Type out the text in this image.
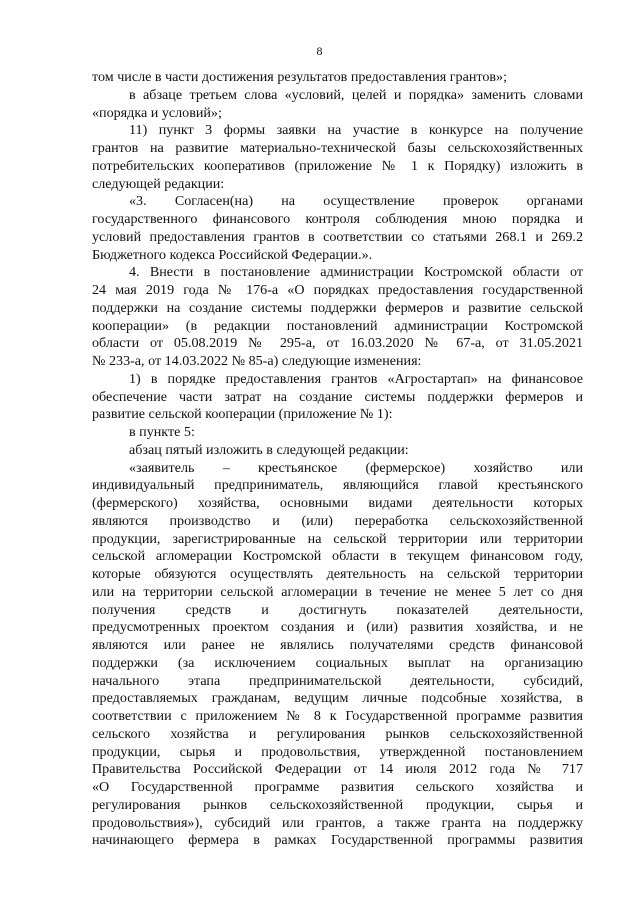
8
том числе в части достижения результатов предоставления грантов»;
в абзаце третьем слова «условий, целей и порядка» заменить словами
«порядка и условий»;
11) пункт 3 формы заявки на участие в конкурсе на получение
грантов на развитие материально-технической базы сельскохозяйственных
потребительских кооперативов (приложение № 1 к Порядку) изложить в
следующей редакции:
«3. Согласен(на) на осуществление проверок органами
государственного финансового контроля соблюдения мною порядка и
условий предоставления грантов в соответствии со статьями 268.1 и 269.2
Бюджетного кодекса Российской Федерации.».
4. Внести в постановление администрации Костромской области от
24 мая 2019 года № 176-а «О порядках предоставления государственной
поддержки на создание системы поддержки фермеров и развитие сельской
кооперации» (в редакции постановлений администрации Костромской
области от 05.08.2019 № 295-а, от 16.03.2020 № 67-а, от 31.05.2021
№ 233-а, от 14.03.2022 № 85-а) следующие изменения:
1) в порядке предоставления грантов «Агростартап» на финансовое
обеспечение части затрат на создание системы поддержки фермеров и
развитие сельской кооперации (приложение № 1):
в пункте 5:
абзац пятый изложить в следующей редакции:
«заявитель – крестьянское (фермерское) хозяйство или
индивидуальный предприниматель, являющийся главой крестьянского
(фермерского) хозяйства, основными видами деятельности которых
являются производство и (или) переработка сельскохозяйственной
продукции, зарегистрированные на сельской территории или территории
сельской агломерации Костромской области в текущем финансовом году,
которые обязуются осуществлять деятельность на сельской территории
или на территории сельской агломерации в течение не менее 5 лет со дня
получения средств и достигнуть показателей деятельности,
предусмотренных проектом создания и (или) развития хозяйства, и не
являются или ранее не являлись получателями средств финансовой
поддержки (за исключением социальных выплат на организацию
начального этапа предпринимательской деятельности, субсидий,
предоставляемых гражданам, ведущим личные подсобные хозяйства, в
соответствии с приложением № 8 к Государственной программе развития
сельского хозяйства и регулирования рынков сельскохозяйственной
продукции, сырья и продовольствия, утвержденной постановлением
Правительства Российской Федерации от 14 июля 2012 года № 717
«О Государственной программе развития сельского хозяйства и
регулирования рынков сельскохозяйственной продукции, сырья и
продовольствия»), субсидий или грантов, а также гранта на поддержку
начинающего фермера в рамках Государственной программы развития
